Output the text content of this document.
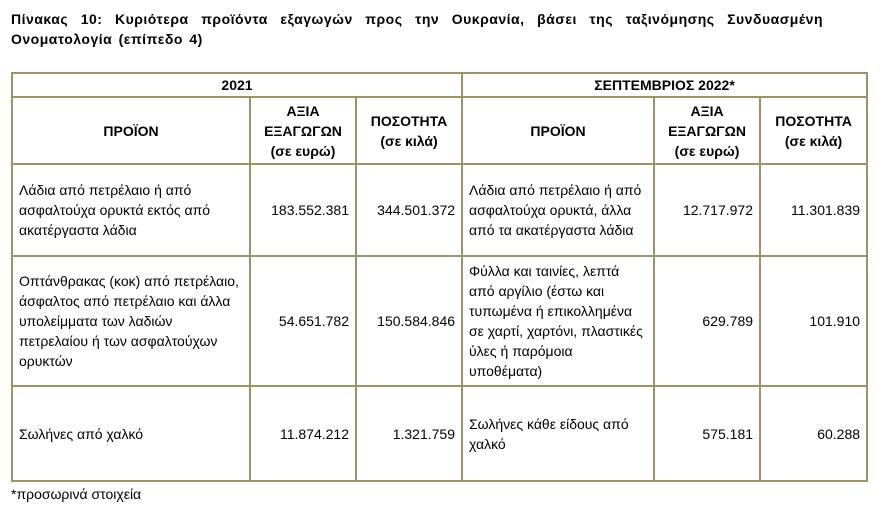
Πίνακας 10: Κυριότερα προϊόντα εξαγωγών προς την Ουκρανία, βάσει της ταξινόμησης Συνδυασμένη Ονοματολογία (επίπεδο 4)
2021			ΣΕΠΤΕΜΒΡΙΟΣ 2022*		
ΠΡΟΪΟΝ	ΑΞΙΑ ΕΞΑΓΩΓΩΝ (σε ευρώ)	ΠΟΣΟΤΗΤΑ (σε κιλά)	ΠΡΟΪΟΝ	ΑΞΙΑ ΕΞΑΓΩΓΩΝ (σε ευρώ)	ΠΟΣΟΤΗΤΑ (σε κιλά)
Λάδια από πετρέλαιο ή από ασφαλτούχα ορυκτά εκτός από ακατέργαστα λάδια	183.552.381	344.501.372	Λάδια από πετρέλαιο ή από ασφαλτούχα ορυκτά, άλλα από τα ακατέργαστα λάδια	12.717.972	11.301.839
Οπτάνθρακας (κοκ) από πετρέλαιο, άσφαλτος από πετρέλαιο και άλλα υπολείμματα των λαδιών πετρελαίου ή των ασφαλτούχων ορυκτών	54.651.782	150.584.846	Φύλλα και ταινίες, λεπτά από αργίλιο (έστω και τυπωμένα ή επικολλημένα σε χαρτί, χαρτόνι, πλαστικές ύλες ή παρόμοια υποθέματα)	629.789	101.910
Σωλήνες από χαλκό	11.874.212	1.321.759	Σωλήνες κάθε είδους από χαλκό	575.181	60.288
*προσωρινά στοιχεία
